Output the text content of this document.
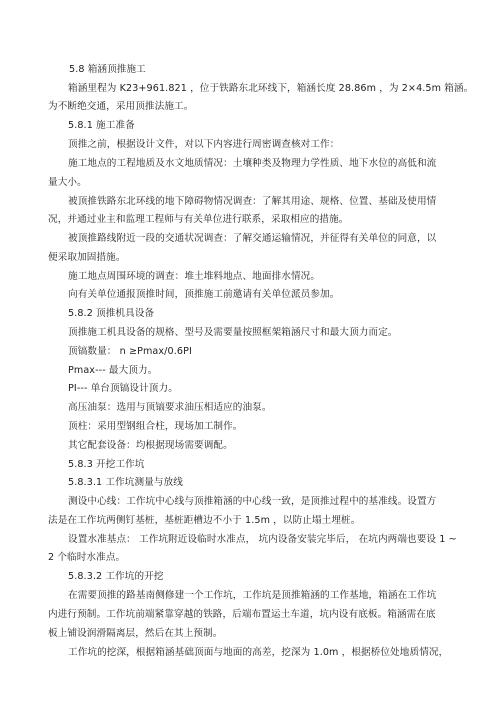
5.8 箱涵顶推施工
箱涵里程为 K23+961.821 ，位于铁路东北环线下，箱涵长度 28.86m ，为 2×4.5m 箱涵。
为不断绝交通，采用顶推法施工。
5.8.1 施工准备
顶推之前，根据设计文件，对以下内容进行周密调查核对工作：
施工地点的工程地质及水文地质情况：土壤种类及物理力学性质、地下水位的高低和流
量大小。
被顶推铁路东北环线的地下障碍物情况调查：了解其用途、规格、位置、基础及使用情
况，并通过业主和监理工程师与有关单位进行联系，采取相应的措施。
被顶推路线附近一段的交通状况调查：了解交通运输情况，并征得有关单位的同意，以
便采取加固措施。
施工地点周围环境的调查：堆土堆料地点、地面排水情况。
向有关单位通报顶推时间，顶推施工前邀请有关单位派员参加。
5.8.2 顶推机具设备
顶推施工机具设备的规格、型号及需要量按照框架箱涵尺寸和最大顶力而定。
顶镐数量： n ≥Pmax/0.6PI
Pmax--- 最大顶力。
PI--- 单台顶镐设计顶力。
高压油泵：选用与顶镐要求油压相适应的油泵。
顶柱：采用型钢组合柱，现场加工制作。
其它配套设备：均根据现场需要调配。
5.8.3 开挖工作坑
5.8.3.1 工作坑测量与放线
测设中心线：工作坑中心线与顶推箱涵的中心线一致，是顶推过程中的基准线。设置方
法是在工作坑两侧钉基桩，基桩距槽边不小于 1.5m ，以防止塌土埋桩。
设置水准基点： 工作坑附近设临时水准点， 坑内设备安装完毕后， 在坑内两端也要设 1 ~
2 个临时水准点。
5.8.3.2 工作坑的开挖
在需要顶推的路基南侧修建一个工作坑，工作坑是顶推箱涵的工作基地，箱涵在工作坑
内进行预制。工作坑前端紧靠穿越的铁路，后端布置运土车道，坑内设有底板。箱涵需在底
板上铺设润滑隔离层，然后在其上预制。
工作坑的挖深，根据箱涵基础顶面与地面的高差，挖深为 1.0m ，根据桥位处地质情况，
